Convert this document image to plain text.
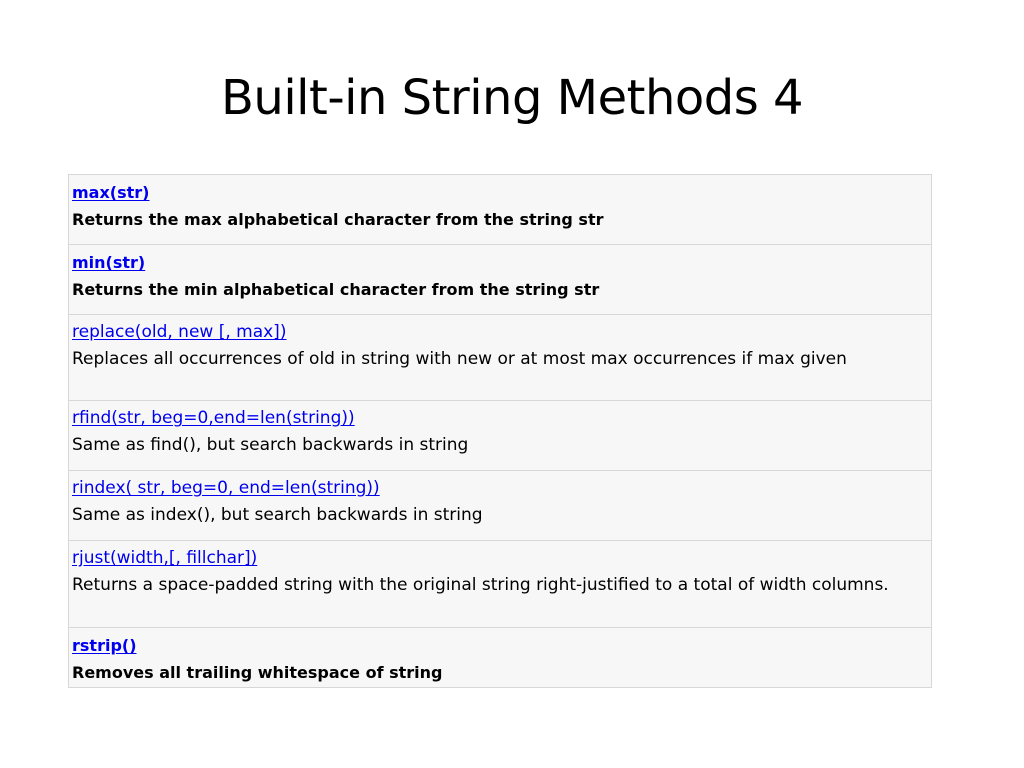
Built-in String Methods 4
max(str)
Returns the max alphabetical character from the string str

min(str)
Returns the min alphabetical character from the string str

replace(old, new [, max])
Replaces all occurrences of old in string with new or at most max occurrences if max given

rfind(str, beg=0,end=len(string))
Same as find(), but search backwards in string

rindex( str, beg=0, end=len(string))
Same as index(), but search backwards in string

rjust(width,[, fillchar])
Returns a space-padded string with the original string right-justified to a total of width columns.

rstrip()
Removes all trailing whitespace of string
